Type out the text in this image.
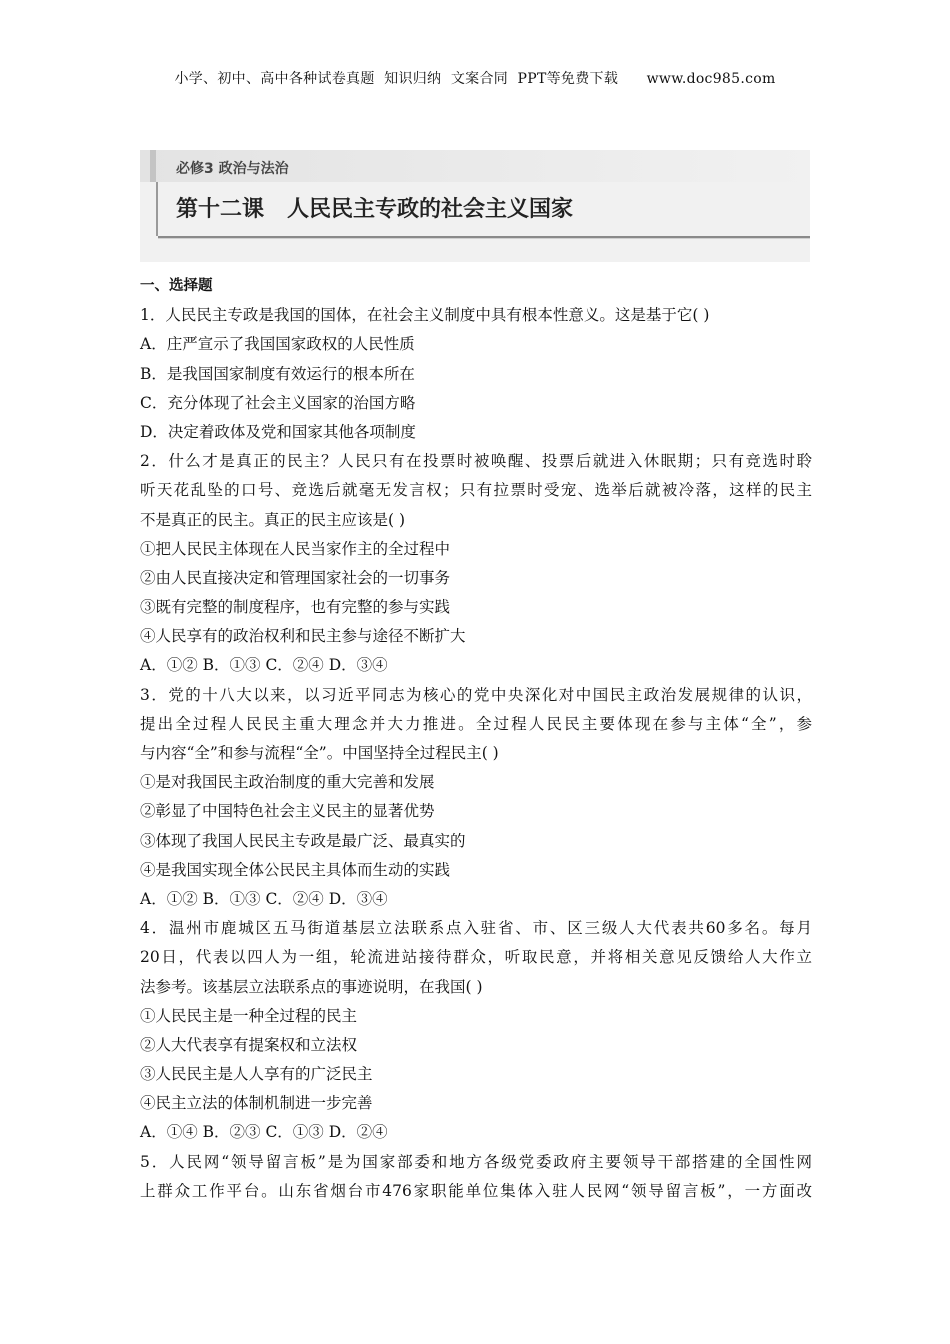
小学、初中、高中各种试卷真题  知识归纳  文案合同  PPT等免费下载      www.doc985.com
必修3 政治与法治
第十二课   人民民主专政的社会主义国家
一、选择题
1．人民民主专政是我国的国体，在社会主义制度中具有根本性意义。这是基于它( )
A．庄严宣示了我国国家政权的人民性质
B．是我国国家制度有效运行的根本所在
C．充分体现了社会主义国家的治国方略
D．决定着政体及党和国家其他各项制度
2．什么才是真正的民主？人民只有在投票时被唤醒、投票后就进入休眠期；只有竞选时聆
听天花乱坠的口号、竞选后就毫无发言权；只有拉票时受宠、选举后就被冷落，这样的民主
不是真正的民主。真正的民主应该是( )
①把人民民主体现在人民当家作主的全过程中
②由人民直接决定和管理国家社会的一切事务
③既有完整的制度程序，也有完整的参与实践
④人民享有的政治权利和民主参与途径不断扩大
A．①② B．①③ C．②④ D．③④
3．党的十八大以来，以习近平同志为核心的党中央深化对中国民主政治发展规律的认识，
提出全过程人民民主重大理念并大力推进。全过程人民民主要体现在参与主体“全”，参
与内容“全”和参与流程“全”。中国坚持全过程民主( )
①是对我国民主政治制度的重大完善和发展
②彰显了中国特色社会主义民主的显著优势
③体现了我国人民民主专政是最广泛、最真实的
④是我国实现全体公民民主具体而生动的实践
A．①② B．①③ C．②④ D．③④
4．温州市鹿城区五马街道基层立法联系点入驻省、市、区三级人大代表共60多名。每月
20日，代表以四人为一组，轮流进站接待群众，听取民意，并将相关意见反馈给人大作立
法参考。该基层立法联系点的事迹说明，在我国( )
①人民民主是一种全过程的民主
②人大代表享有提案权和立法权
③人民民主是人人享有的广泛民主
④民主立法的体制机制进一步完善
A．①④ B．②③ C．①③ D．②④
5．人民网“领导留言板”是为国家部委和地方各级党委政府主要领导干部搭建的全国性网
上群众工作平台。山东省烟台市476家职能单位集体入驻人民网“领导留言板”，一方面改
